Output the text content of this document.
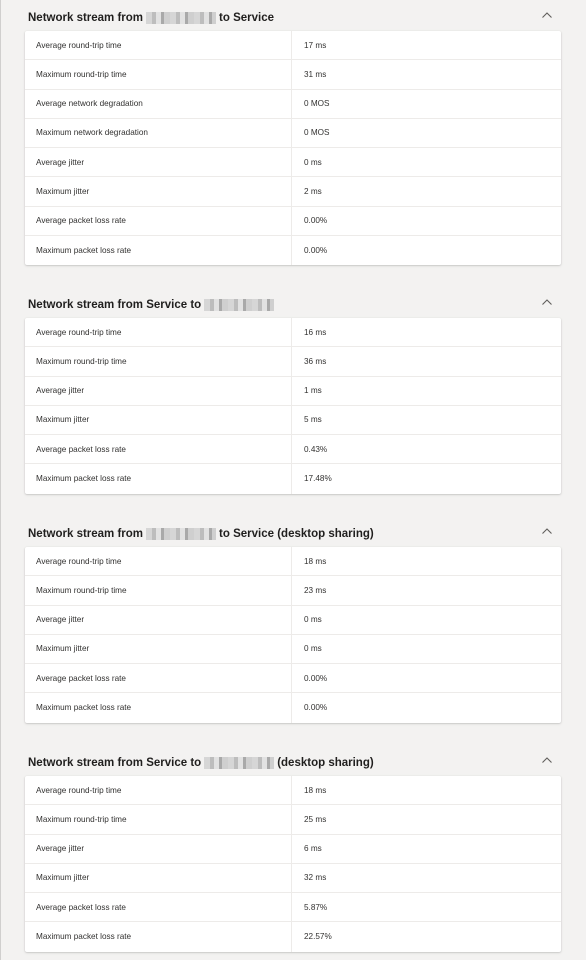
Network stream from	to Service
Average round-trip time	17 ms
Maximum round-trip time	31 ms
Average network degradation	0 MOS
Maximum network degradation	0 MOS
Average jitter	0 ms
Maximum jitter	2 ms
Average packet loss rate	0.00%
Maximum packet loss rate	0.00%
Network stream from Service to
Average round-trip time	16 ms
Maximum round-trip time	36 ms
Average jitter	1 ms
Maximum jitter	5 ms
Average packet loss rate	0.43%
Maximum packet loss rate	17.48%
Network stream from	to Service (desktop sharing)
Average round-trip time	18 ms
Maximum round-trip time	23 ms
Average jitter	0 ms
Maximum jitter	0 ms
Average packet loss rate	0.00%
Maximum packet loss rate	0.00%
Network stream from Service to	(desktop sharing)
Average round-trip time	18 ms
Maximum round-trip time	25 ms
Average jitter	6 ms
Maximum jitter	32 ms
Average packet loss rate	5.87%
Maximum packet loss rate	22.57%
